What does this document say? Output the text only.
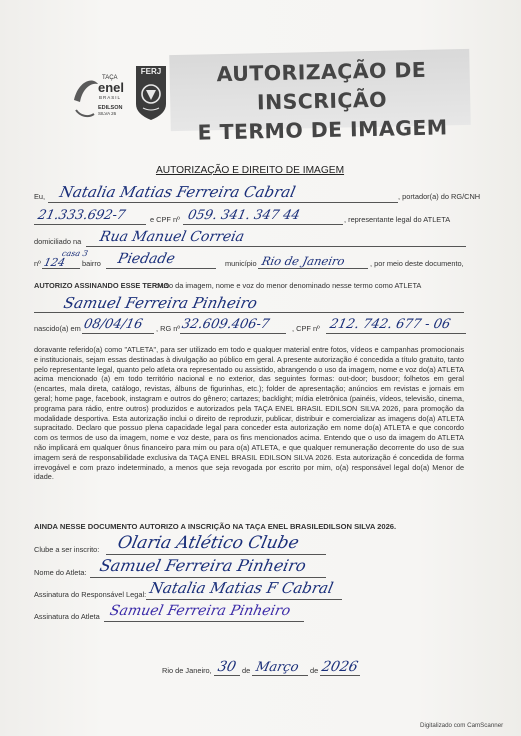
TAÇA
enel
BRASIL
EDILSON
SILVA 26
FERJ	AUTORIZAÇÃO DE INSCRIÇÃO
E TERMO DE IMAGEM
AUTORIZAÇÃO E DIREITO DE IMAGEM
Eu, Natalia Matias Ferreira Cabral	, portador(a) do RG/CNH
21.333.692-7	e CPF nº 059. 341. 347 44	, representante legal do ATLETA
domiciliado na Rua Manuel Correia
nº 124
casa 3
bairro Piedade	município Rio de Janeiro	, por meio deste documento,
AUTORIZO ASSINANDO ESSE TERMO
o uso da imagem, nome e voz do menor denominado nesse termo como ATLETA
Samuel Ferreira Pinheiro
nascido(a) em 08/04/16 , RG nº 32.609.406-7	, CPF nº 212. 742. 677 - 06
doravante referido(a) como "ATLETA", para ser utilizado em todo e qualquer material entre fotos, vídeos e campanhas promocionais e institucionais, sejam essas destinadas à divulgação ao público em geral. A presente autorização é concedida a título gratuito, tanto pelo representante legal, quanto pelo atleta ora representado ou assistido, abrangendo o uso da imagem, nome e voz do(a) ATLETA acima mencionado (a) em todo território nacional e no exterior, das seguintes formas: out-door; busdoor; folhetos em geral (encartes, mala direta, catálogo, revistas, álbuns de figurinhas, etc.); folder de apresentação; anúncios em revistas e jornais em geral; home page, facebook, instagram e outros do gênero; cartazes; backlight; mídia eletrônica (painéis, vídeos, televisão, cinema, programa para rádio, entre outros) produzidos e autorizados pela TAÇA ENEL BRASIL EDILSON SILVA 2026, para promoção da modalidade desportiva. Esta autorização inclui o direito de reproduzir, publicar, distribuir e comercializar as imagens do(a) ATLETA supracitado. Declaro que possuo plena capacidade legal para conceder esta autorização em nome do(a) ATLETA e que concordo com os termos de uso da imagem, nome e voz deste, para os fins mencionados acima. Entendo que o uso da imagem do ATLETA não implicará em qualquer ônus financeiro para mim ou para o(a) ATLETA, e que qualquer remuneração decorrente do uso de sua imagem será de responsabilidade exclusiva da TAÇA ENEL BRASIL EDILSON SILVA 2026. Esta autorização é concedida de forma irrevogável e com prazo indeterminado, a menos que seja revogada por escrito por mim, o(a) responsável legal do(a) Menor de idade.
AINDA NESSE DOCUMENTO AUTORIZO A INSCRIÇÃO NA TAÇA ENEL BRASILEDILSON SILVA 2026.
Clube a ser inscrito: Olaria Atlético Clube
Nome do Atleta: Samuel Ferreira Pinheiro
Assinatura do Responsável Legal: Natalia Matias F Cabral
Assinatura do Atleta Samuel Ferreira Pinheiro
Rio de Janeiro, 30 de Março de 2026
Digitalizado com CamScanner
